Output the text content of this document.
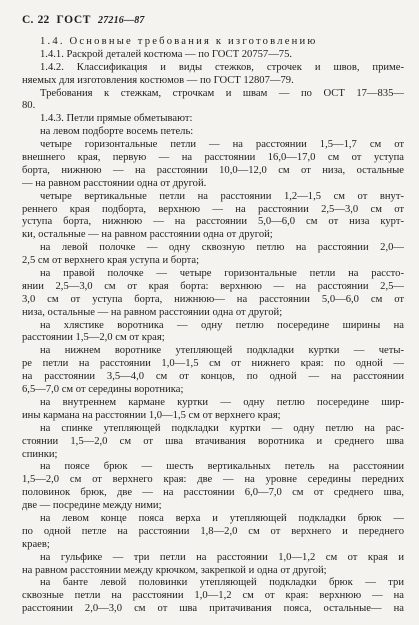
С. 22 ГОСТ 27216—87
1.4. Основные требования к изготовлению
1.4.1. Раскрой деталей костюма — по ГОСТ 20757—75.
1.4.2. Классификация и виды стежков, строчек и швов, приме-
няемых для изготовления костюмов — по ГОСТ 12807—79.
Требования к стежкам, строчкам и швам — по ОСТ 17—835—
80.
1.4.3. Петли прямые обметывают:
на левом подборте восемь петель:
четыре горизонтальные петли — на расстоянии 1,5—1,7 см от
внешнего края, первую — на расстоянии 16,0—17,0 см от уступа
борта, нижнюю — на расстоянии 10,0—12,0 см от низа, остальные
— на равном расстоянии одна от другой.
четыре вертикальные петли на расстоянии 1,2—1,5 см от внут-
реннего края подборта, верхнюю — на расстоянии 2,5—3,0 см от
уступа борта, нижнюю — на расстоянии 5,0—6,0 см от низа курт-
ки, остальные — на равном расстоянии одна от другой;
на левой полочке — одну сквозную петлю на расстоянии 2,0—
2,5 см от верхнего края уступа и борта;
на правой полочке — четыре горизонтальные петли на рассто-
янии 2,5—3,0 см от края борта: верхнюю — на расстоянии 2,5—
3,0 см от уступа борта, нижнюю— на расстоянии 5,0—6,0 см от
низа, остальные — на равном расстоянии одна от другой;
на хлястике воротника — одну петлю посередине ширины на
расстоянии 1,5—2,0 см от края;
на нижнем воротнике утепляющей подкладки куртки — четы-
ре петли на расстоянии 1,0—1,5 см от нижнего края: по одной —
на расстоянии 3,5—4,0 см от концов, по одной — на расстоянии
6,5—7,0 см от середины воротника;
на внутреннем кармане куртки — одну петлю посередине шир-
ины кармана на расстоянии 1,0—1,5 см от верхнего края;
на спинке утепляющей подкладки куртки — одну петлю на рас-
стоянии 1,5—2,0 см от шва втачивания воротника и среднего шва
спинки;
на поясе брюк — шесть вертикальных петель на расстоянии
1,5—2,0 см от верхнего края: две — на уровне середины передних
половинок брюк, две — на расстоянии 6,0—7,0 см от среднего шва,
две — посредине между ними;
на левом конце пояса верха и утепляющей подкладки брюк —
по одной петле на расстоянии 1,8—2,0 см от верхнего и переднего
краев;
на гульфике — три петли на расстоянии 1,0—1,2 см от края и
на равном расстоянии между крючком, закрепкой и одна от другой;
на банте левой половинки утепляющей подкладки брюк — три
сквозные петли на расстоянии 1,0—1,2 см от края: верхнюю — на
расстоянии 2,0—3,0 см от шва притачивания пояса, остальные— на
